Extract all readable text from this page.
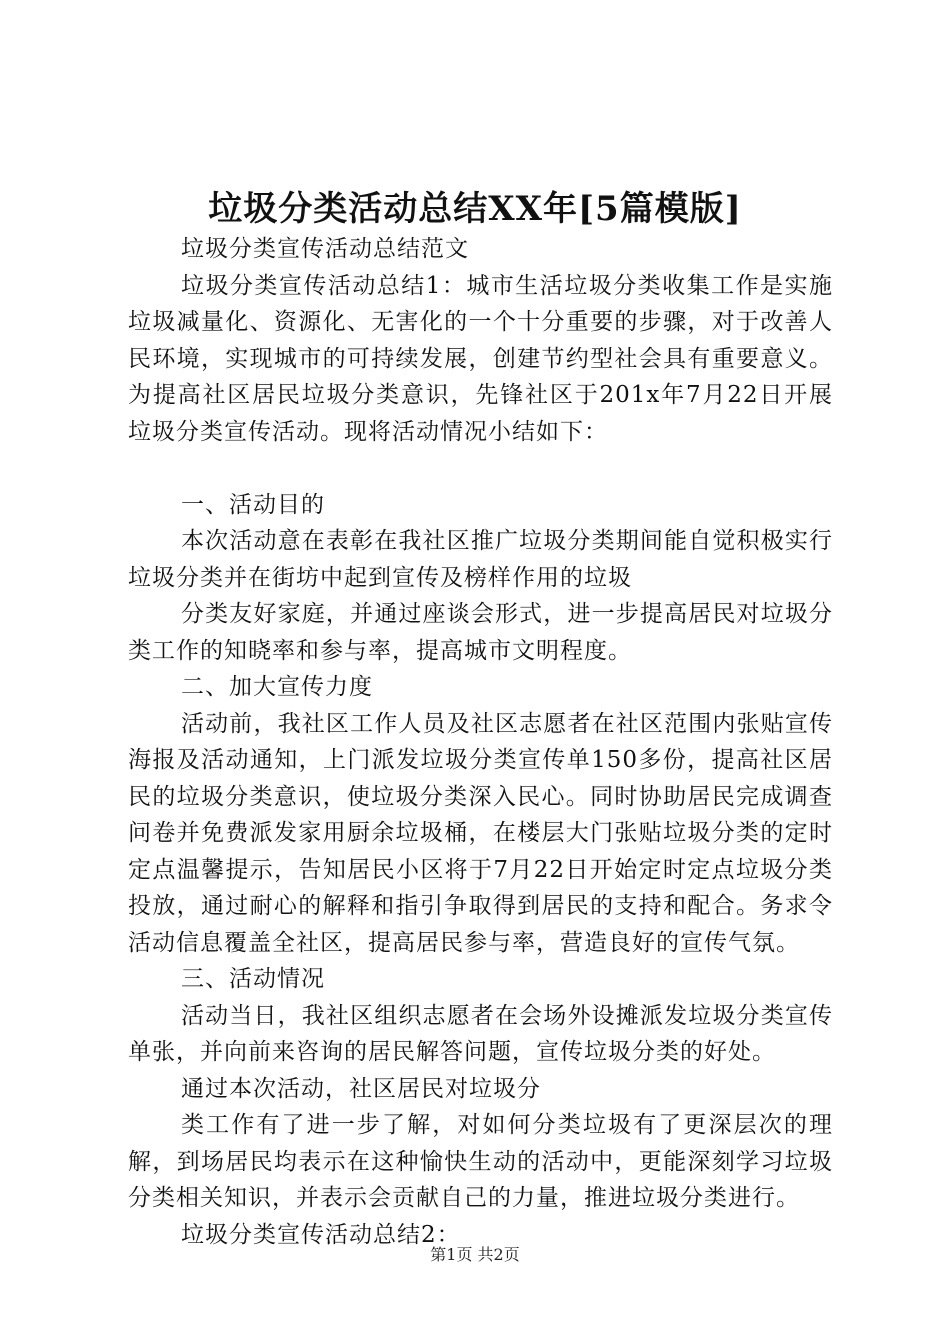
垃圾分类活动总结XX年[5篇模版]

垃圾分类宣传活动总结范文

垃圾分类宣传活动总结1：城市生活垃圾分类收集工作是实施垃圾减量化、资源化、无害化的一个十分重要的步骤，对于改善人民环境，实现城市的可持续发展，创建节约型社会具有重要意义。为提高社区居民垃圾分类意识，先锋社区于201x年7月22日开展垃圾分类宣传活动。现将活动情况小结如下：

一、活动目的

本次活动意在表彰在我社区推广垃圾分类期间能自觉积极实行垃圾分类并在街坊中起到宣传及榜样作用的垃圾

分类友好家庭，并通过座谈会形式，进一步提高居民对垃圾分类工作的知晓率和参与率，提高城市文明程度。

二、加大宣传力度

活动前，我社区工作人员及社区志愿者在社区范围内张贴宣传海报及活动通知，上门派发垃圾分类宣传单150多份，提高社区居民的垃圾分类意识，使垃圾分类深入民心。同时协助居民完成调查问卷并免费派发家用厨余垃圾桶，在楼层大门张贴垃圾分类的定时定点温馨提示，告知居民小区将于7月22日开始定时定点垃圾分类投放，通过耐心的解释和指引争取得到居民的支持和配合。务求令活动信息覆盖全社区，提高居民参与率，营造良好的宣传气氛。

三、活动情况

活动当日，我社区组织志愿者在会场外设摊派发垃圾分类宣传单张，并向前来咨询的居民解答问题，宣传垃圾分类的好处。

通过本次活动，社区居民对垃圾分

类工作有了进一步了解，对如何分类垃圾有了更深层次的理解，到场居民均表示在这种愉快生动的活动中，更能深刻学习垃圾分类相关知识，并表示会贡献自己的力量，推进垃圾分类进行。

垃圾分类宣传活动总结2：

第1页 共2页
